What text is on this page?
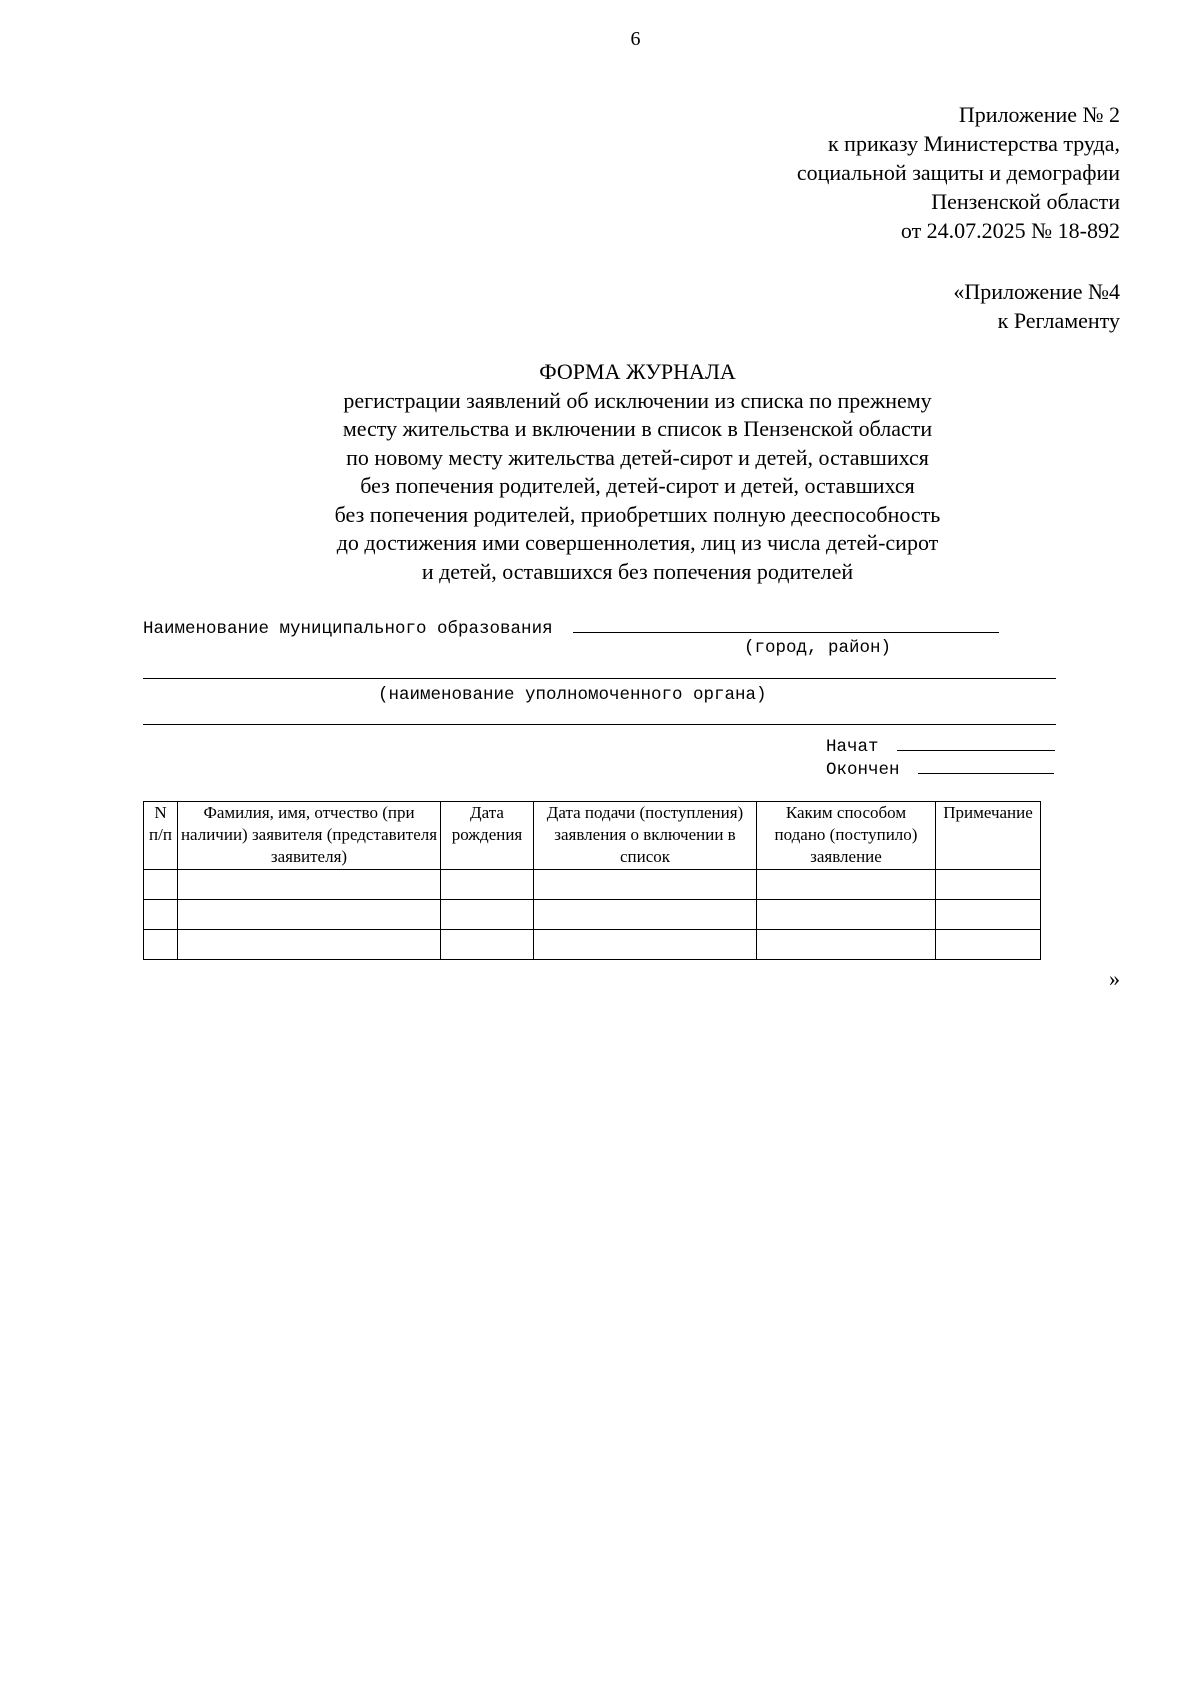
6
Приложение № 2
к приказу Министерства труда,
социальной защиты и демографии
Пензенской области
от 24.07.2025 № 18-892
«Приложение №4
к Регламенту
ФОРМА ЖУРНАЛА
регистрации заявлений об исключении из списка по прежнему
месту жительства и включении в список в Пензенской области
по новому месту жительства детей-сирот и детей, оставшихся
без попечения родителей, детей-сирот и детей, оставшихся
без попечения родителей, приобретших полную дееспособность
до достижения ими совершеннолетия, лиц из числа детей-сирот
и детей, оставшихся без попечения родителей
Наименование муниципального образования
(город, район)
(наименование уполномоченного органа)
Начат
Окончен
N п/п	Фамилия, имя, отчество (при наличии) заявителя (представителя заявителя)	Дата рождения	Дата подачи (поступления) заявления о включении в список	Каким способом подано (поступило) заявление	Примечание

»
